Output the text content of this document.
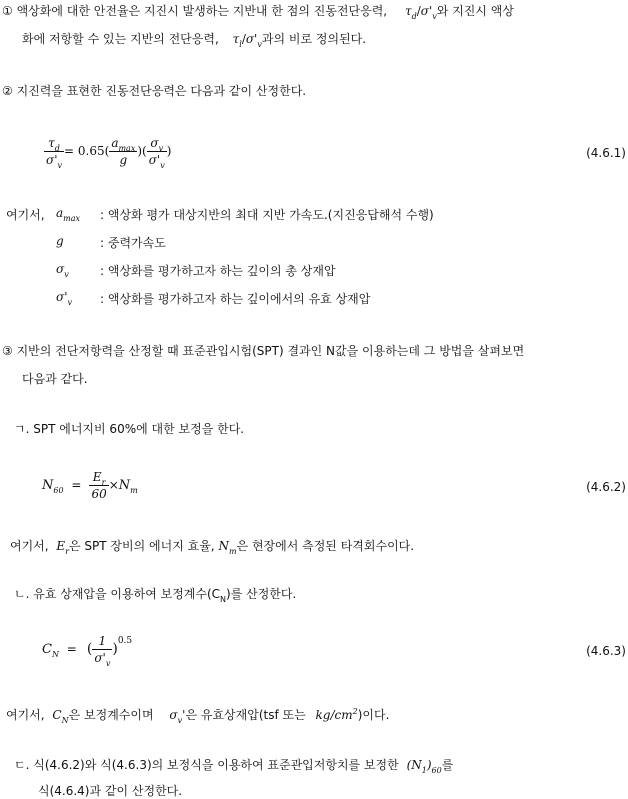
① 액상화에 대한 안전율은 지진시 발생하는 지반내 한 점의 진동전단응력, $\tau_d/\sigma'_v$와 지진시 액상
화에 저항할 수 있는 지반의 전단응력, $\tau_l/\sigma'_v$과의 비로 정의된다.
② 지진력을 표현한 진동전단응력은 다음과 같이 산정한다.
$\frac{\tau_d}{\sigma'_v} = 0.65( \frac{a_{max}}{g}$ )( $\frac{\sigma_v}{\sigma'_v}$ )	(4.6.1)
여기서, $a_{max}$ : 액상화 평가 대상지반의 최대 지반 가속도.(지진응답해석 수행)
g	: 중력가속도
$\sigma_v$	: 액상화를 평가하고자 하는 깊이의 총 상재압
$\sigma'_v$ : 액상화를 평가하고자 하는 깊이에서의 유효 상재압
③ 지반의 전단저항력을 산정할 때 표준관입시험(SPT) 결과인 N값을 이용하는데 그 방법을 살펴보면
다음과 같다.
ㄱ. SPT 에너지비 60%에 대한 보정을 한다.
$N_{60} = \frac{E_r}{60} \times N_m$	(4.6.2)
여기서, $E_r$은 SPT 장비의 에너지 효율, $N_m$은 현장에서 측정된 타격회수이다.
ㄴ. 유효 상재압을 이용하여 보정계수$(C_N)$를 산정한다.
$C_N$ = ( $\frac{1}{\sigma'_v} )^{0.5}$
(4.6.3)
여기서, $C_N$은 보정계수이며 $\sigma_v'$은 유효상재압(tsf 또는 $kg/cm^2$)이다.
ㄷ. 식(4.6.2)와 식(4.6.3)의 보정식을 이용하여 표준관입저항치를 보정한 $(N_1)_{60}$를
식(4.6.4)과 같이 산정한다.
